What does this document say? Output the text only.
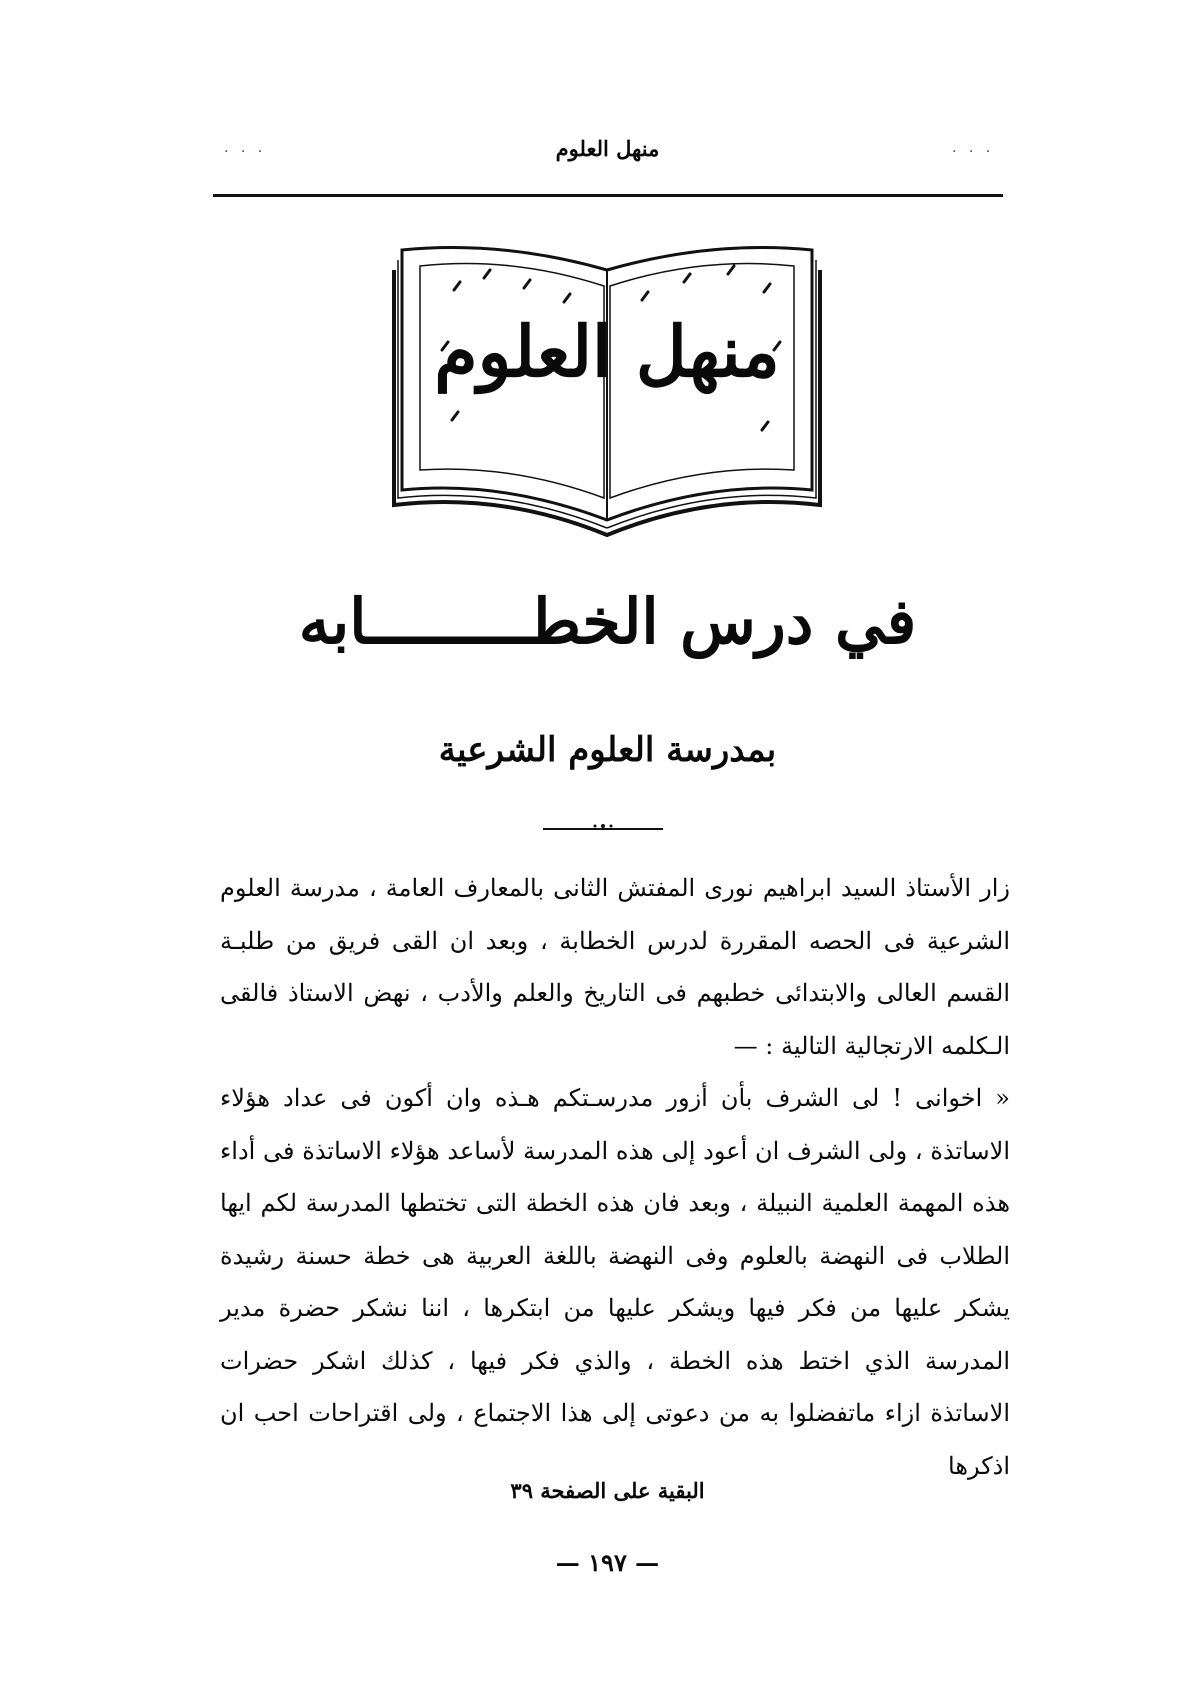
. . .	. . .
منهل العلوم
منهل العلوم
في درس الخطـــــــــابه
بمدرسة العلوم الشرعية

زار الأستاذ السيد ابراهيم نورى المفتش الثانى بالمعارف العامة ، مدرسة العلوم الشرعية فى الحصه المقررة لدرس الخطابة ، وبعد ان القى فريق من طلبـة القسم العالى والابتدائى خطبهم فى التاريخ والعلم والأدب ، نهض الاستاذ فالقى الـكلمه الارتجالية التالية : —

« اخوانى ! لى الشرف بأن أزور مدرسـتكم هـذه وان أكون فى عداد هؤلاء الاساتذة ، ولى الشرف ان أعود إلى هذه المدرسة لأساعد هؤلاء الاساتذة فى أداء هذه المهمة العلمية النبيلة ، وبعد فان هذه الخطة التى تختطها المدرسة لكم ايها الطلاب فى النهضة بالعلوم وفى النهضة باللغة العربية هى خطة حسنة رشيدة يشكر عليها من فكر فيها ويشكر عليها من ابتكرها ، اننا نشكر حضرة مدير المدرسة الذي اختط هذه الخطة ، والذي فكر فيها ، كذلك اشكر حضرات الاساتذة ازاء ماتفضلوا به من دعوتى إلى هذا الاجتماع ، ولى اقتراحات احب ان اذكرها

البقية على الصفحة ٣٩
— ١٩٧ —
